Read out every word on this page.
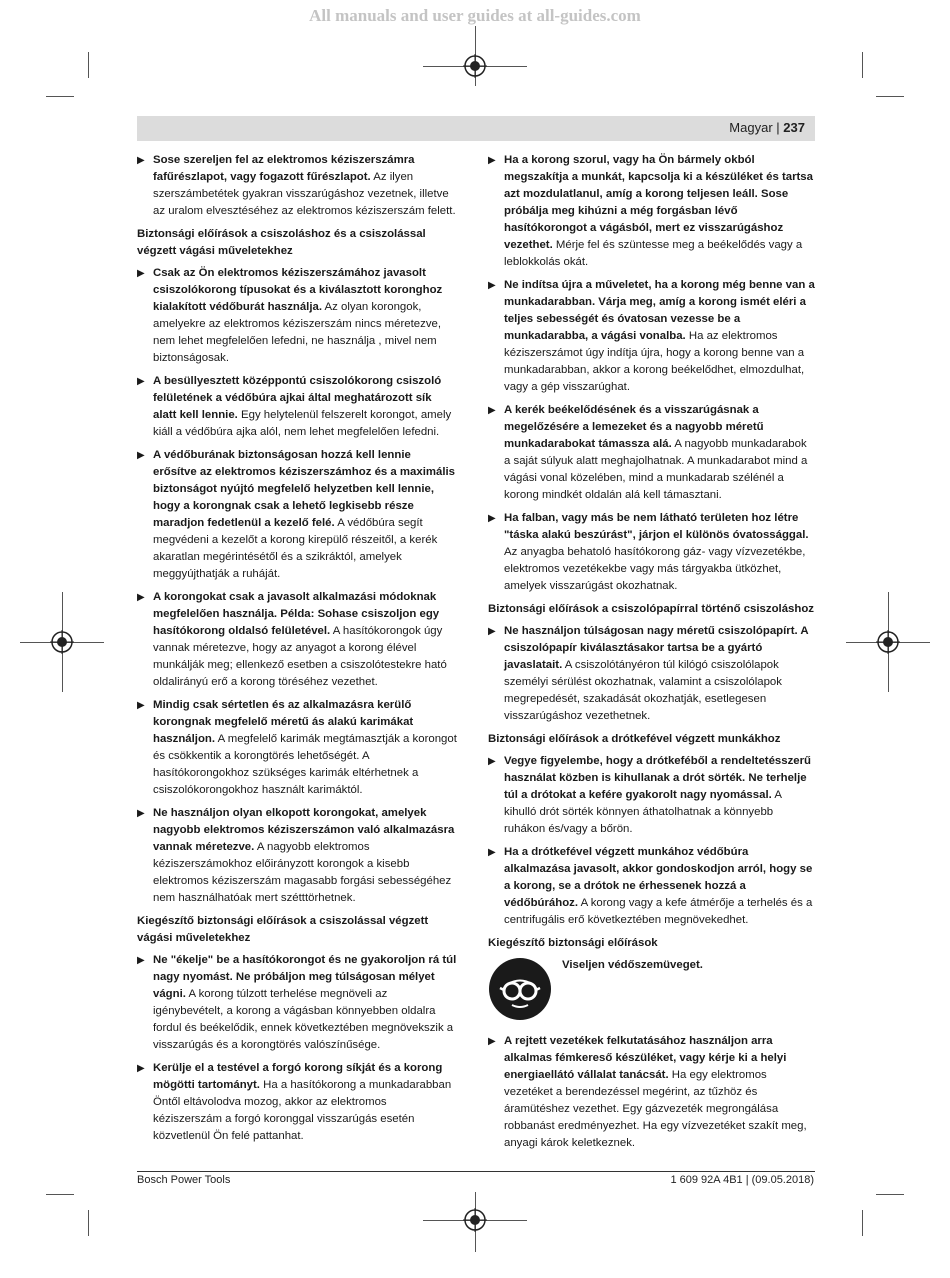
All manuals and user guides at all-guides.com
Magyar | 237
▶ Sose szereljen fel az elektromos kéziszerszámra fafűrészlapot, vagy fogazott fűrészlapot. Az ilyen szerszámbetétek gyakran visszarúgáshoz vezetnek, illetve az uralom elvesztéséhez az elektromos kéziszerszám felett.
Biztonsági előírások a csiszoláshoz és a csiszolással végzett vágási műveletekhez
▶ Csak az Ön elektromos kéziszerszámához javasolt csiszolókorong típusokat és a kiválasztott koronghoz kialakított védőburát használja. Az olyan korongok, amelyekre az elektromos kéziszerszám nincs méretezve, nem lehet megfelelően lefedni, ne használja , mivel nem biztonságosak.
▶ A besüllyesztett középpontú csiszolókorong csiszoló felületének a védőbúra ajkai által meghatározott sík alatt kell lennie. Egy helytelenül felszerelt korongot, amely kiáll a védőbúra ajka alól, nem lehet megfelelően lefedni.
▶ A védőburának biztonságosan hozzá kell lennie erősítve az elektromos kéziszerszámhoz és a maximális biztonságot nyújtó megfelelő helyzetben kell lennie, hogy a korongnak csak a lehető legkisebb része maradjon fedetlenül a kezelő felé. A védőbúra segít megvédeni a kezelőt a korong kirepülő részeitől, a kerék akaratlan megérintésétől és a szikráktól, amelyek meggyújthatják a ruháját.
▶ A korongokat csak a javasolt alkalmazási módoknak megfelelően használja. Példa: Sohase csiszoljon egy hasítókorong oldalsó felületével. A hasítókorongok úgy vannak méretezve, hogy az anyagot a korong élével munkálják meg; ellenkező esetben a csiszolótestekre ható oldalirányú erő a korong töréséhez vezethet.
▶ Mindig csak sértetlen és az alkalmazásra kerülő korongnak megfelelő méretű ás alakú karimákat használjon. A megfelelő karimák megtámasztják a korongot és csökkentik a korongtörés lehetőségét. A hasítókorongokhoz szükséges karimák eltérhetnek a csiszolókorongokhoz használt karimáktól.
▶ Ne használjon olyan elkopott korongokat, amelyek nagyobb elektromos kéziszerszámon való alkalmazásra vannak méretezve. A nagyobb elektromos kéziszerszámokhoz előirányzott korongok a kisebb elektromos kéziszerszám magasabb forgási sebességéhez nem használhatóak mert szétttörhetnek.
Kiegészítő biztonsági előírások a csiszolással végzett vágási műveletekhez
▶ Ne "ékelje" be a hasítókorongot és ne gyakoroljon rá túl nagy nyomást. Ne próbáljon meg túlságosan mélyet vágni. A korong túlzott terhelése megnöveli az igénybevételt, a korong a vágásban könnyebben oldalra fordul és beékelődik, ennek következtében megnövekszik a visszarúgás és a korongtörés valószínűsége.
▶ Kerülje el a testével a forgó korong síkját és a korong mögötti tartományt. Ha a hasítókorong a munkadarabban Öntől eltávolodva mozog, akkor az elektromos kéziszerszám a forgó koronggal visszarúgás esetén közvetlenül Ön felé pattanhat.
▶ Ha a korong szorul, vagy ha Ön bármely okból megszakítja a munkát, kapcsolja ki a készüléket és tartsa azt mozdulatlanul, amíg a korong teljesen leáll. Sose próbálja meg kihúzni a még forgásban lévő hasítókorongot a vágásból, mert ez visszarúgáshoz vezethet. Mérje fel és szüntesse meg a beékelődés vagy a leblokkolás okát.
▶ Ne indítsa újra a műveletet, ha a korong még benne van a munkadarabban. Várja meg, amíg a korong ismét eléri a teljes sebességét és óvatosan vezesse be a munkadarabba, a vágási vonalba. Ha az elektromos kéziszerszámot úgy indítja újra, hogy a korong benne van a munkadarabban, akkor a korong beékelődhet, elmozdulhat, vagy a gép visszarúghat.
▶ A kerék beékelődésének és a visszarúgásnak a megelőzésére a lemezeket és a nagyobb méretű munkadarabokat támassza alá. A nagyobb munkadarabok a saját súlyuk alatt meghajolhatnak. A munkadarabot mind a vágási vonal közelében, mind a munkadarab szélénél a korong mindkét oldalán alá kell támasztani.
▶ Ha falban, vagy más be nem látható területen hoz létre "táska alakú beszúrást", járjon el különös óvatossággal. Az anyagba behatoló hasítókorong gáz- vagy vízvezetékbe, elektromos vezetékekbe vagy más tárgyakba ütközhet, amelyek visszarúgást okozhatnak.
Biztonsági előírások a csiszolópapírral történő csiszoláshoz
▶ Ne használjon túlságosan nagy méretű csiszolópapírt. A csiszolópapír kiválasztásakor tartsa be a gyártó javaslatait. A csiszolótányéron túl kilógó csiszolólapok személyi sérülést okozhatnak, valamint a csiszolólapok megrepedését, szakadását okozhatják, esetlegesen visszarúgáshoz vezethetnek.
Biztonsági előírások a drótkefével végzett munkákhoz
▶ Vegye figyelembe, hogy a drótkeféből a rendeltetésszerű használat közben is kihullanak a drót sörték. Ne terhelje túl a drótokat a kefére gyakorolt nagy nyomással. A kihulló drót sörték könnyen áthatolhatnak a könnyebb ruhákon és/vagy a bőrön.
▶ Ha a drótkefével végzett munkához védőbúra alkalmazása javasolt, akkor gondoskodjon arról, hogy se a korong, se a drótok ne érhessenek hozzá a védőbúrához. A korong vagy a kefe átmérője a terhelés és a centrifugális erő következtében megnövekedhet.
Kiegészítő biztonsági előírások
Viseljen védőszemüveget.
▶ A rejtett vezetékek felkutatásához használjon arra alkalmas fémkereső készüléket, vagy kérje ki a helyi energiaellátó vállalat tanácsát. Ha egy elektromos vezetéket a berendezéssel megérint, az tűzhöz és áramütéshez vezethet. Egy gázvezeték megrongálása robbanást eredményezhet. Ha egy vízvezetéket szakít meg, anyagi károk keletkeznek.
Bosch Power Tools	1 609 92A 4B1 | (09.05.2018)
